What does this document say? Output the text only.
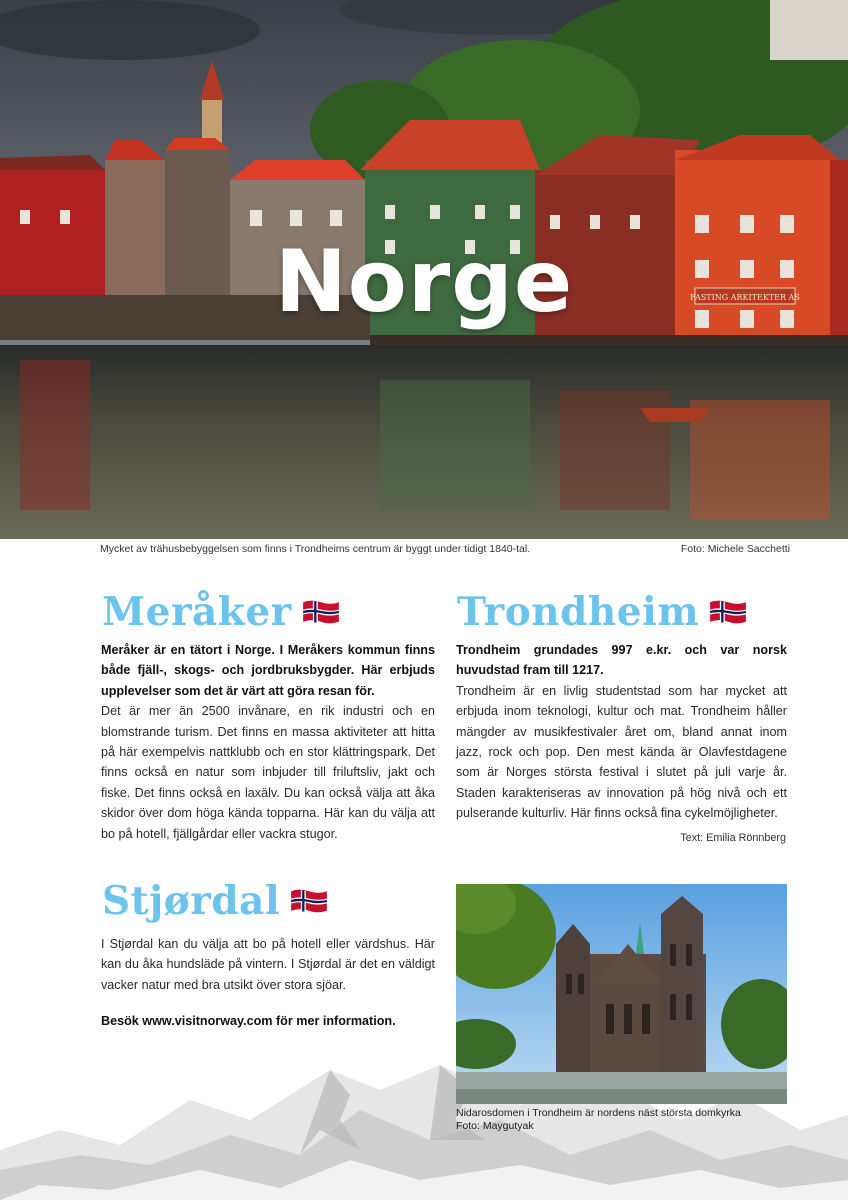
FASTING ARKITEKTER AS
Norge
Mycket av trähusbebyggelsen som finns i Trondheims centrum är byggt under tidigt 1840-tal.	Foto: Michele Sacchetti
Meråker

Meråker är en tätort i Norge. I Meråkers kommun finns både fjäll-, skogs- och jordbruksbygder. Här erbjuds upplevelser som det är värt att göra resan för.

Det är mer än 2500 invånare, en rik industri och en blomstrande turism. Det finns en massa aktiviteter att hitta på här exempelvis nattklubb och en stor klättringspark. Det finns också en natur som inbjuder till friluftsliv, jakt och fiske. Det finns också en laxälv. Du kan också välja att åka skidor över dom höga kända topparna. Här kan du välja att bo på hotell, fjällgårdar eller vackra stugor.

Trondheim

Trondheim grundades 997 e.kr. och var norsk huvudstad fram till 1217.

Trondheim är en livlig studentstad som har mycket att erbjuda inom teknologi, kultur och mat. Trondheim håller mängder av musikfestivaler året om, bland annat inom jazz, rock och pop. Den mest kända är Olavfestdagene som är Norges största festival i slutet på juli varje år. Staden karakteriseras av innovation på hög nivå och ett pulserande kulturliv. Här finns också fina cykelmöjligheter.

Text: Emilia Rönnberg
Stjørdal

I Stjørdal kan du välja att bo på hotell eller värdshus. Här kan du åka hundsläde på vintern. I Stjørdal är det en väldigt vacker natur med bra utsikt över stora sjöar.

Besök www.visitnorway.com för mer information.
Nidarosdomen i Trondheim är nordens näst största domkyrka
Foto: Maygutyak
